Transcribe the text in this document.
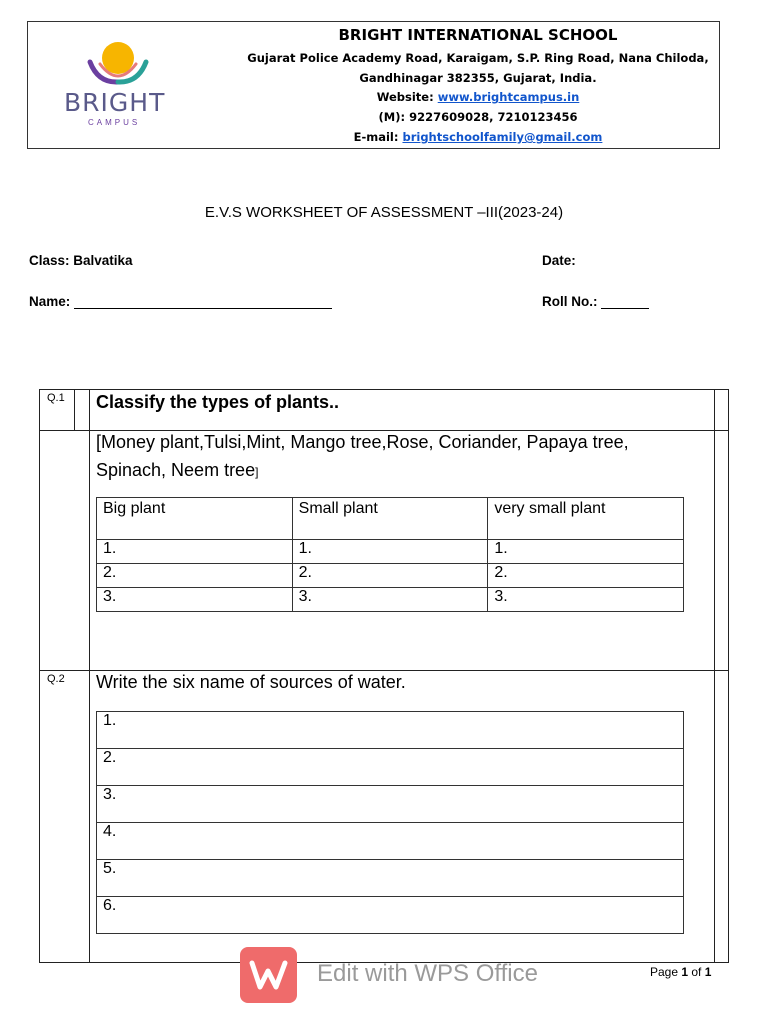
BRIGHT INTERNATIONAL SCHOOL
Gujarat Police Academy Road, Karaigam, S.P. Ring Road, Nana Chiloda,
Gandhinagar 382355, Gujarat, India.
Website: www.brightcampus.in
(M): 9227609028, 7210123456
E-mail: brightschoolfamily@gmail.com
BRIGHT
CAMPUS
E.V.S WORKSHEET OF ASSESSMENT –III(2023-24)
Class: Balvatika	Date:
Name:	Roll No.:
Q.1 Classify the types of plants..
[Money plant,Tulsi,Mint, Mango tree,Rose, Coriander, Papaya tree,
Spinach, Neem tree]
Big plant	Small plant	very small plant
1.	1.	1.
2.	2.	2.
3.	3.	3.
Q.2 Write the six name of sources of water.
1.
2.
3.
4.
5.
6.
Edit with WPS Office	Page 1 of 1
